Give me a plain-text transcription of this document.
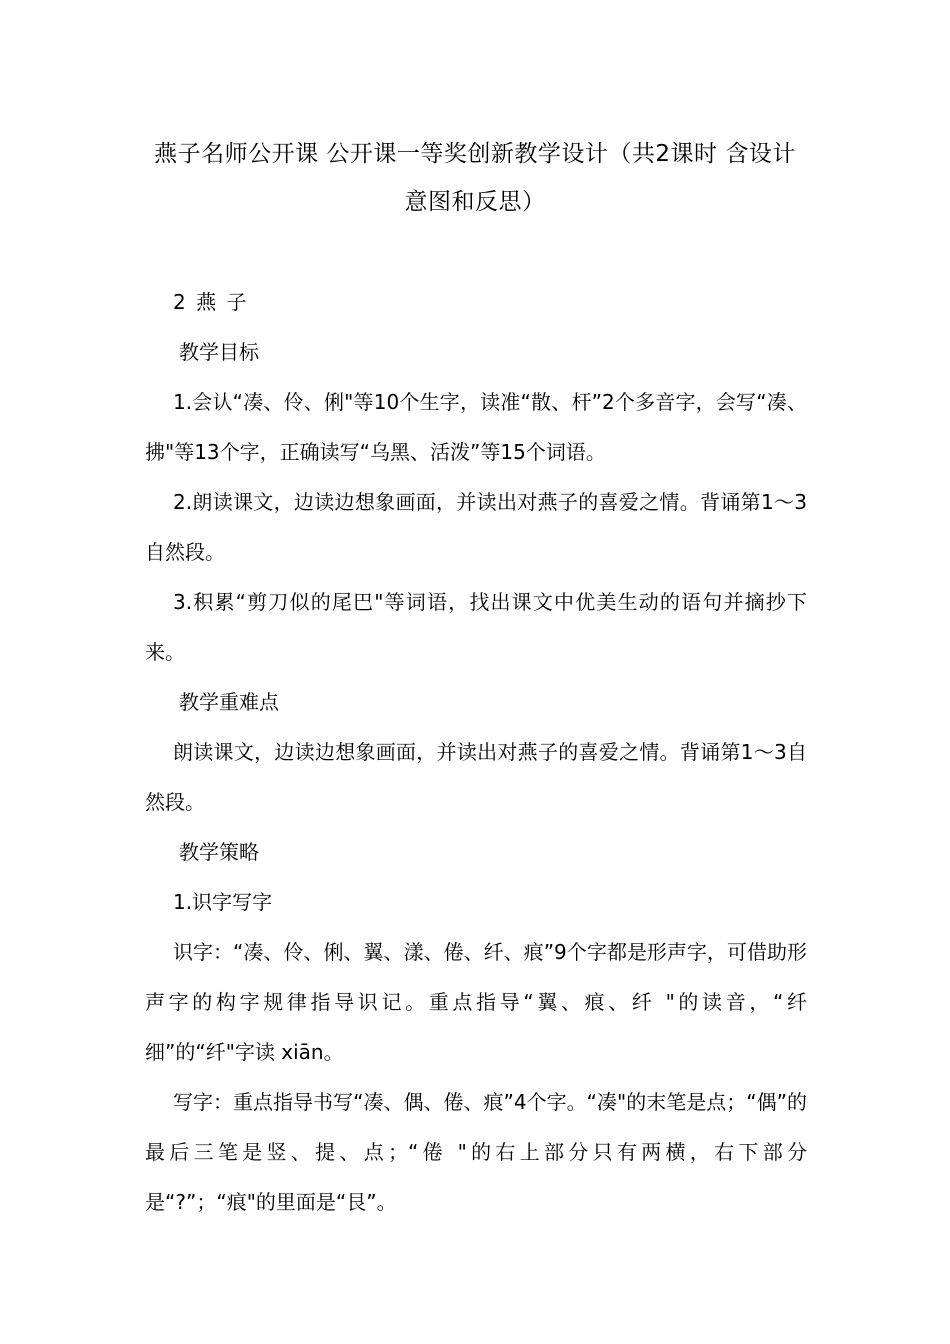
燕子名师公开课 公开课一等奖创新教学设计（共2课时 含设计意图和反思）

2 燕 子

教学目标

1.会认“凑、伶、俐"等10个生字，读准“散、杆”2个多音字，会写“凑、拂"等13个字，正确读写“乌黑、活泼”等15个词语。

2.朗读课文，边读边想象画面，并读出对燕子的喜爱之情。背诵第1～3自然段。

3.积累“剪刀似的尾巴"等词语，找出课文中优美生动的语句并摘抄下来。

教学重难点

朗读课文，边读边想象画面，并读出对燕子的喜爱之情。背诵第1～3自然段。

教学策略

1.识字写字

识字：“凑、伶、俐、翼、漾、倦、纤、痕”9个字都是形声字，可借助形声字的构字规律指导识记。重点指导“翼、痕、纤 "的读音，“纤细”的“纤"字读 xiān。

写字：重点指导书写“凑、偶、倦、痕”4个字。“凑"的末笔是点；“偶”的最后三笔是竖、提、点；“倦 "的右上部分只有两横，右下部分是“?”；“痕"的里面是“艮”。
